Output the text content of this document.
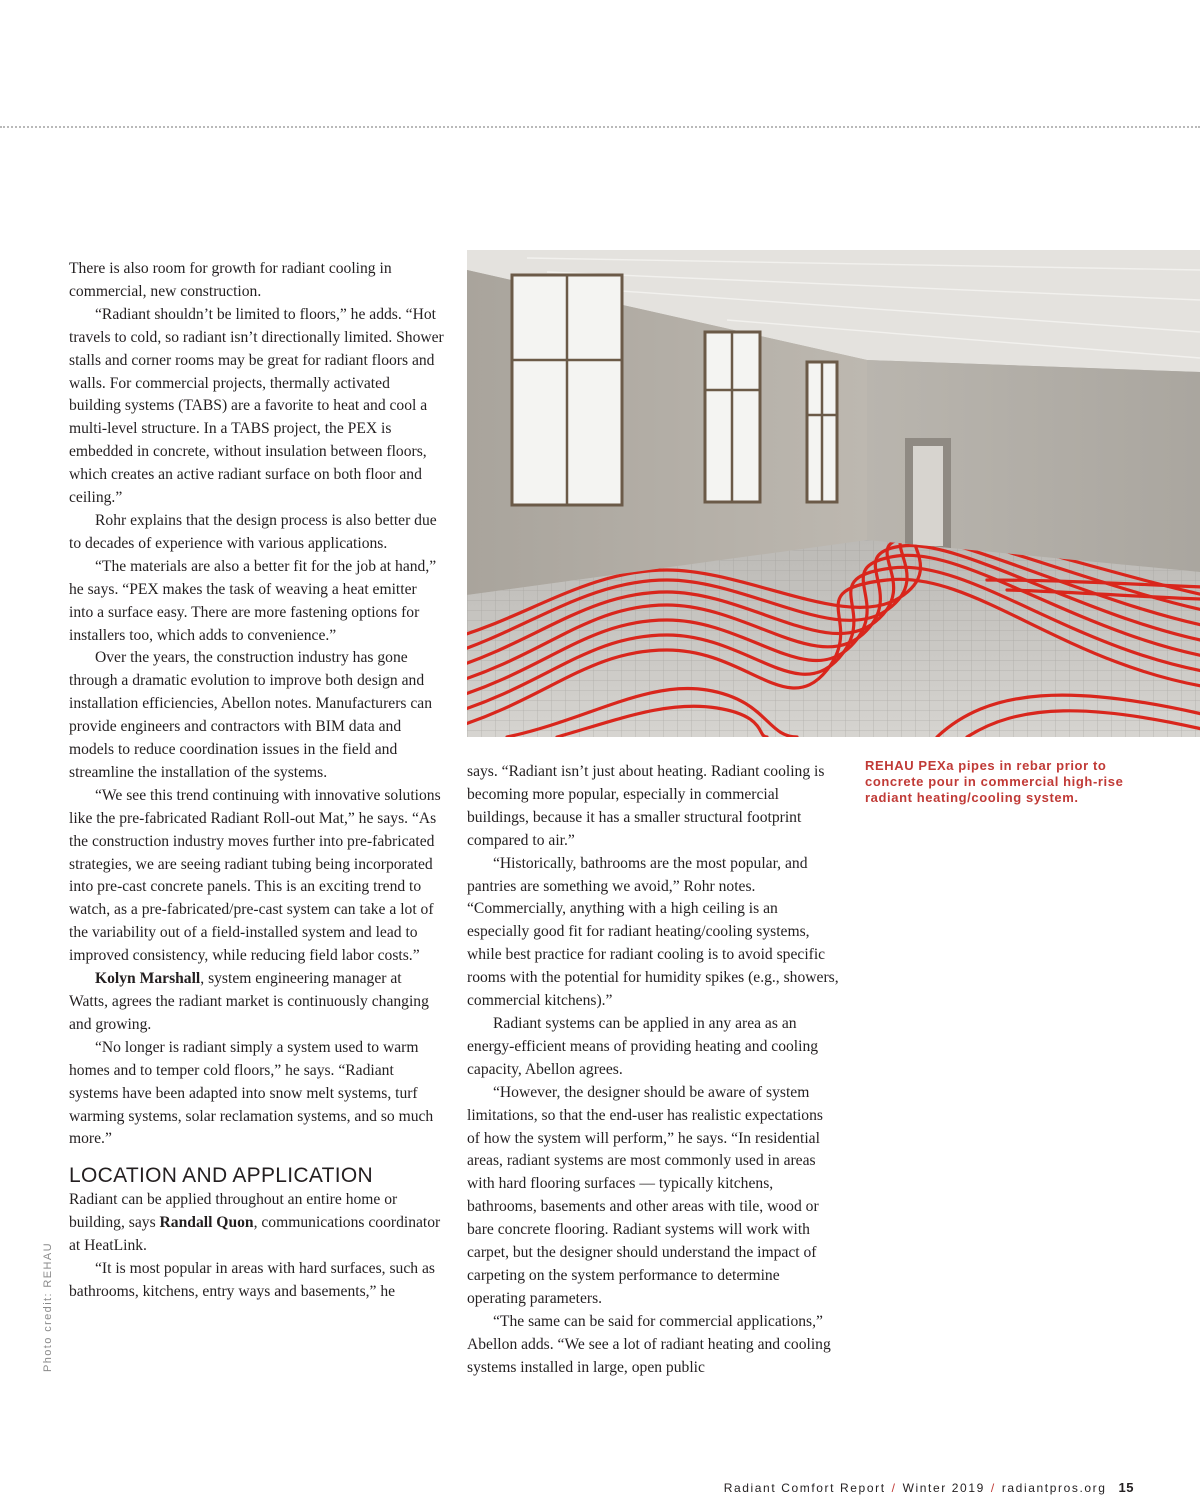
There is also room for growth for radiant cooling in commercial, new construction.

“Radiant shouldn’t be limited to floors,” he adds. “Hot travels to cold, so radiant isn’t directionally limited. Shower stalls and corner rooms may be great for radiant floors and walls. For commercial projects, thermally activated building systems (TABS) are a favorite to heat and cool a multi-level structure. In a TABS project, the PEX is embedded in concrete, without insulation between floors, which creates an active radiant surface on both floor and ceiling.”

Rohr explains that the design process is also better due to decades of experience with various applications.

“The materials are also a better fit for the job at hand,” he says. “PEX makes the task of weaving a heat emitter into a surface easy. There are more fastening options for installers too, which adds to convenience.”

Over the years, the construction industry has gone through a dramatic evolution to improve both design and installation efficiencies, Abellon notes. Manufacturers can provide engineers and contractors with BIM data and models to reduce coordination issues in the field and streamline the installation of the systems.

“We see this trend continuing with innovative solutions like the pre-fabricated Radiant Roll-out Mat,” he says. “As the construction industry moves further into pre-fabricated strategies, we are seeing radiant tubing being incorporated into pre-cast concrete panels. This is an exciting trend to watch, as a pre-fabricated/pre-cast system can take a lot of the variability out of a field-installed system and lead to improved consistency, while reducing field labor costs.”

Kolyn Marshall, system engineering manager at Watts, agrees the radiant market is continuously changing and growing.

“No longer is radiant simply a system used to warm homes and to temper cold floors,” he says. “Radiant systems have been adapted into snow melt systems, turf warming systems, solar reclamation systems, and so much more.”

LOCATION AND APPLICATION

Radiant can be applied throughout an entire home or building, says Randall Quon, communications coordinator at HeatLink.

“It is most popular in areas with hard surfaces, such as bathrooms, kitchens, entry ways and basements,” he

says. “Radiant isn’t just about heating. Radiant cooling is becoming more popular, especially in commercial buildings, because it has a smaller structural footprint compared to air.”

“Historically, bathrooms are the most popular, and pantries are something we avoid,” Rohr notes. “Commercially, anything with a high ceiling is an especially good fit for radiant heating/cooling systems, while best practice for radiant cooling is to avoid specific rooms with the potential for humidity spikes (e.g., showers, commercial kitchens).”

Radiant systems can be applied in any area as an energy-efficient means of providing heating and cooling capacity, Abellon agrees.

“However, the designer should be aware of system limitations, so that the end-user has realistic expectations of how the system will perform,” he says. “In residential areas, radiant systems are most commonly used in areas with hard flooring surfaces — typically kitchens, bathrooms, basements and other areas with tile, wood or bare concrete flooring. Radiant systems will work with carpet, but the designer should understand the impact of carpeting on the system performance to determine operating parameters.

“The same can be said for commercial applications,” Abellon adds. “We see a lot of radiant heating and cooling systems installed in large, open public

REHAU PEXa pipes in rebar prior to concrete pour in commercial high-rise radiant heating/cooling system.
Photo credit: REHAU
Radiant Comfort Report / Winter 2019 / radiantpros.org 15
